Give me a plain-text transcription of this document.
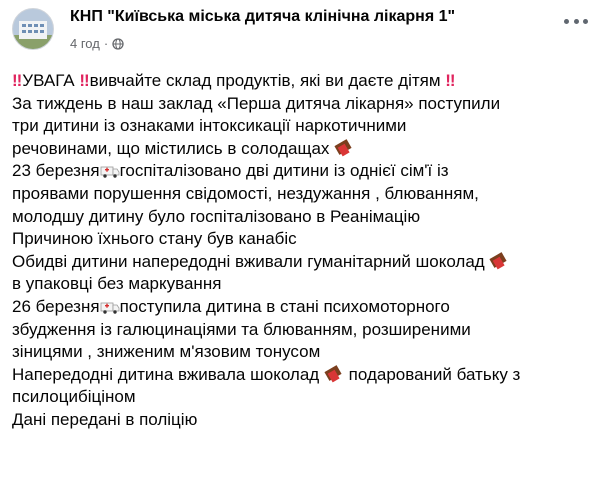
КНП "Київська міська дитяча клінічна лікарня 1"
4 год ·
‼ УВАГА ‼ вивчайте склад продуктів, які ви даєте дітям ‼
За тиждень в наш заклад «Перша дитяча лікарня» поступили
три дитини із ознаками інтоксикації наркотичними
речовинами, що містились в солодащах
23 березня госпіталізовано дві дитини із однієї сім'ї із
проявами порушення свідомості, нездужання , блюванням,
молодшу дитину було госпіталізовано в Реанімацію
Причиною їхнього стану був канабіс
Обидві дитини напередодні вживали гуманітарний шоколад
в упаковці без маркування
26 березня поступила дитина в стані психомоторного
збудження із галюцинаціями та блюванням, розширеними
зіницями , зниженим м'язовим тонусом
Напередодні дитина вживала шоколад  подарований батьку з
псилоцибіціном
Дані передані в поліцію
